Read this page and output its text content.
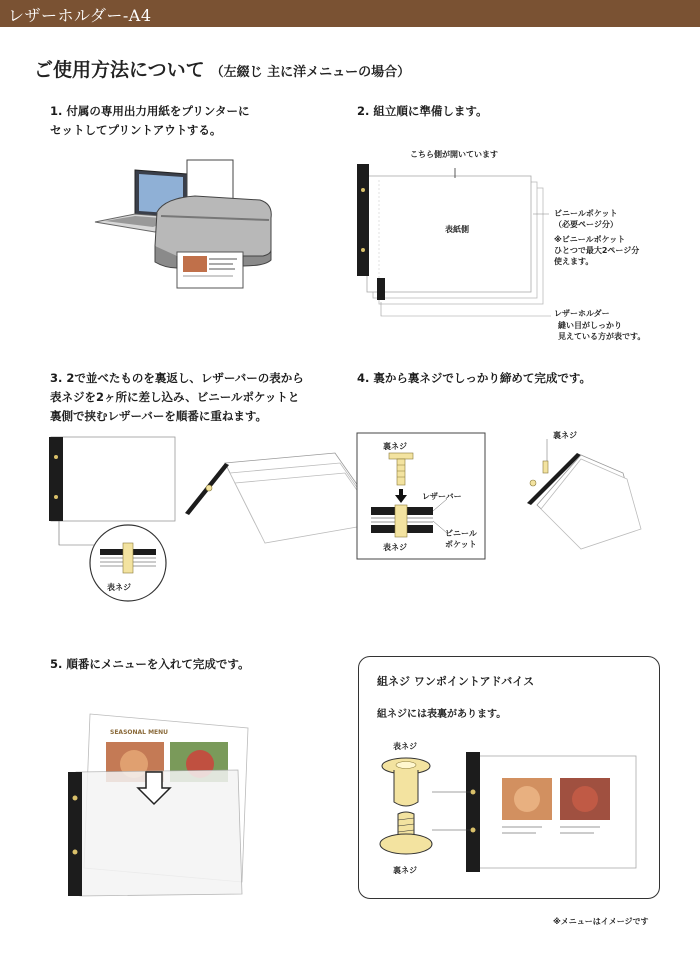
レザーホルダー-A4
ご使用方法について （左綴じ 主に洋メニューの場合）
1. 付属の専用出力用紙をプリンターに
セットしてプリントアウトする。
2. 組立順に準備します。
3. 2で並べたものを裏返し、レザーバーの表から
表ネジを2ヶ所に差し込み、ビニールポケットと
裏側で挟むレザーバーを順番に重ねます。
4. 裏から裏ネジでしっかり締めて完成です。
5. 順番にメニューを入れて完成です。
こちら側が開いています
表紙側
ビニールポケット
（必要ページ分）
※ビニールポケット
ひとつで最大2ページ分
使えます。
レザーホルダー
縫い目がしっかり
見えている方が表です。
表ネジ
裏ネジ
レザーバー
表ネジ
ビニール
ポケット
裏ネジ
SEASONAL MENU
組ネジ ワンポイントアドバイス
組ネジには表裏があります。
表ネジ
裏ネジ
※メニューはイメージです
